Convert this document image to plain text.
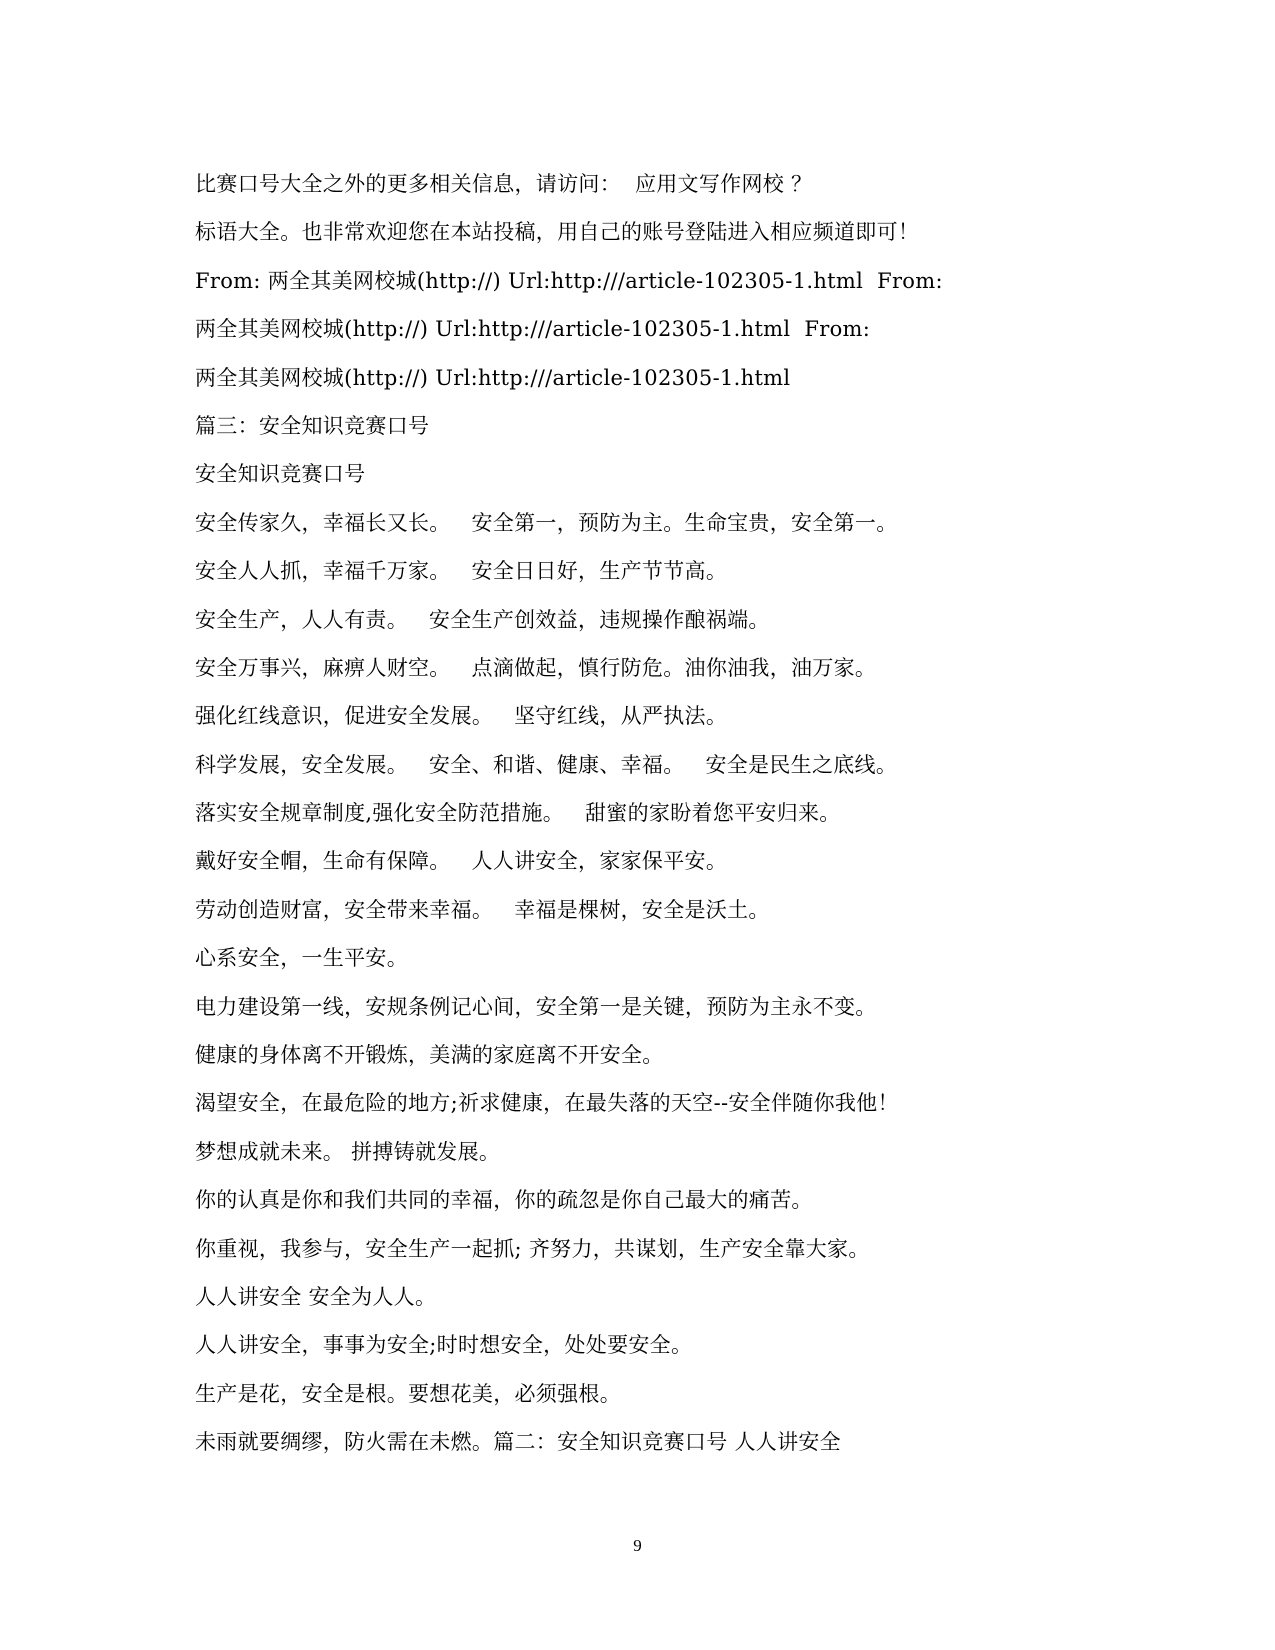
比赛口号大全之外的更多相关信息，请访问：  应用文写作网校 ？
标语大全。也非常欢迎您在本站投稿，用自己的账号登陆进入相应频道即可！
From: 两全其美网校城(http://) Url:http:///article-102305-1.html  From:
两全其美网校城(http://) Url:http:///article-102305-1.html  From:
两全其美网校城(http://) Url:http:///article-102305-1.html
篇三：安全知识竞赛口号
安全知识竞赛口号
安全传家久，幸福长又长。   安全第一，预防为主。生命宝贵，安全第一。
安全人人抓，幸福千万家。   安全日日好，生产节节高。
安全生产，人人有责。   安全生产创效益，违规操作酿祸端。
安全万事兴，麻痹人财空。   点滴做起，慎行防危。油你油我，油万家。
强化红线意识，促进安全发展。   坚守红线，从严执法。
科学发展，安全发展。   安全、和谐、健康、幸福。   安全是民生之底线。
落实安全规章制度,强化安全防范措施。   甜蜜的家盼着您平安归来。
戴好安全帽，生命有保障。   人人讲安全，家家保平安。
劳动创造财富，安全带来幸福。   幸福是棵树，安全是沃土。
心系安全，一生平安。
电力建设第一线，安规条例记心间，安全第一是关键，预防为主永不变。
健康的身体离不开锻炼，美满的家庭离不开安全。
渴望安全，在最危险的地方;祈求健康，在最失落的天空--安全伴随你我他！
梦想成就未来。 拼搏铸就发展。
你的认真是你和我们共同的幸福，你的疏忽是你自己最大的痛苦。
你重视，我参与，安全生产一起抓; 齐努力，共谋划，生产安全靠大家。
人人讲安全 安全为人人。
人人讲安全，事事为安全;时时想安全，处处要安全。
生产是花，安全是根。要想花美，必须强根。
未雨就要绸缪，防火需在未燃。篇二：安全知识竞赛口号 人人讲安全
9
